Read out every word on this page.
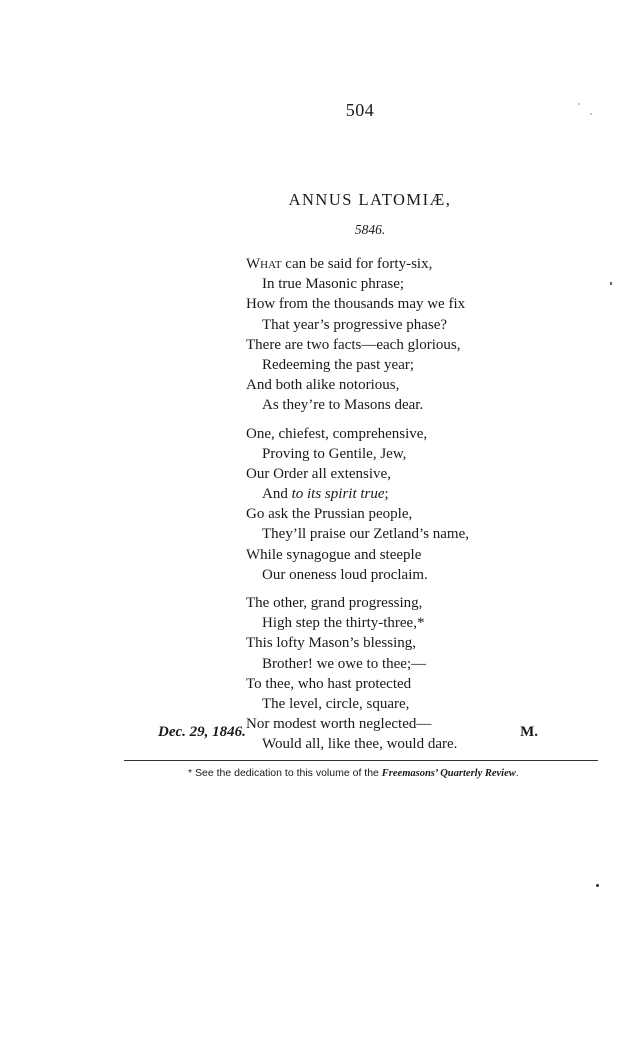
504
ANNUS LATOMIÆ,
5846.
What can be said for forty-six,
In true Masonic phrase;
How from the thousands may we fix
That year’s progressive phase?
There are two facts—each glorious,
Redeeming the past year;
And both alike notorious,
As they’re to Masons dear.
One, chiefest, comprehensive,
Proving to Gentile, Jew,
Our Order all extensive,
And to its spirit true;
Go ask the Prussian people,
They’ll praise our Zetland’s name,
While synagogue and steeple
Our oneness loud proclaim.
The other, grand progressing,
High step the thirty-three,*
This lofty Mason’s blessing,
Brother! we owe to thee;—
To thee, who hast protected
The level, circle, square,
Nor modest worth neglected—
Would all, like thee, would dare.
Dec. 29, 1846.	M.
* See the dedication to this volume of the Freemasons’ Quarterly Review.
